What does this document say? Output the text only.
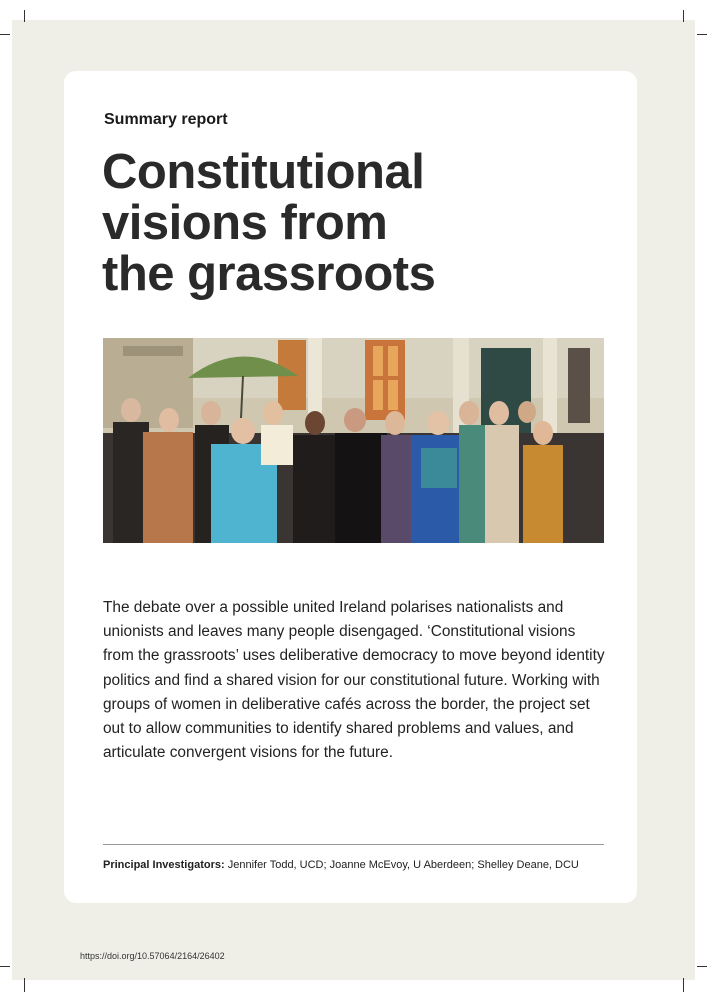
Summary report
Constitutional
visions from
the grassroots

The debate over a possible united Ireland polarises nationalists and unionists and leaves many people disengaged. ‘Constitutional visions from the grassroots’ uses deliberative democracy to move beyond identity politics and find a shared vision for our constitutional future. Working with groups of women in deliberative cafés across the border, the project set out to allow communities to identify shared problems and values, and articulate convergent visions for the future.

Principal Investigators: Jennifer Todd, UCD; Joanne McEvoy, U Aberdeen; Shelley Deane, DCU
https://doi.org/10.57064/2164/26402
